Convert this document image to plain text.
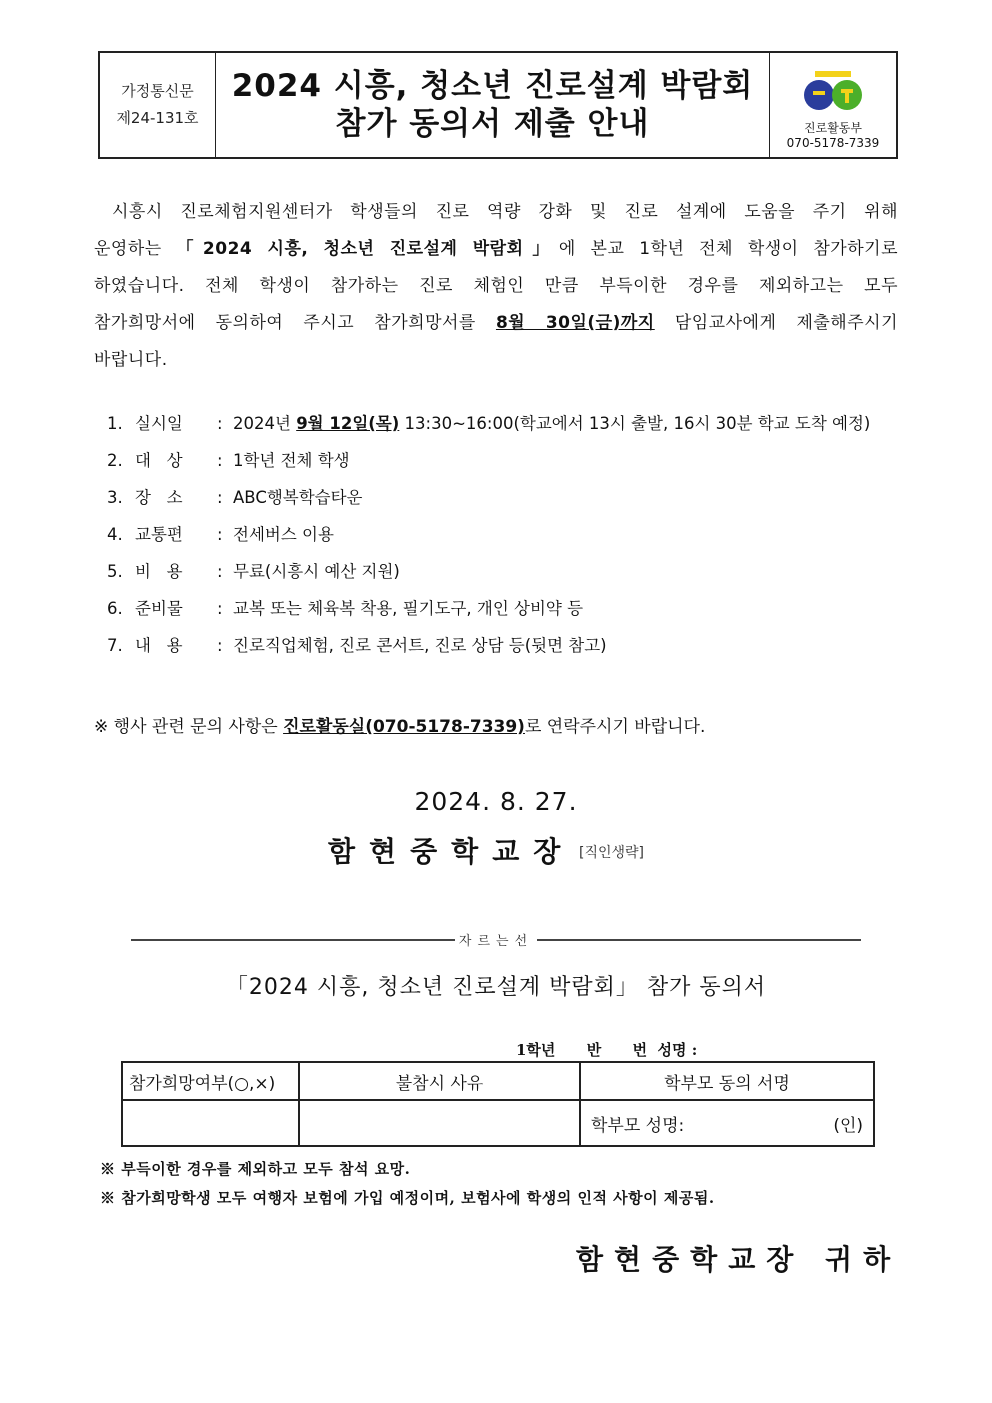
가정통신문
제24-131호
2024 시흥, 청소년 진로설계 박람회
참가 동의서 제출 안내	진로활동부
070-5178-7339
시흥시 진로체험지원센터가 학생들의 진로 역량 강화 및 진로 설계에 도움을 주기 위해
운영하는 「2024 시흥, 청소년 진로설계 박람회」에 본교 1학년 전체 학생이 참가하기로
하였습니다. 전체 학생이 참가하는 진로 체험인 만큼 부득이한 경우를 제외하고는 모두
참가희망서에 동의하여 주시고 참가희망서를 8월 30일(금)까지 담임교사에게 제출해주시기
바랍니다.
1. 실시일 : 2024년 9월 12일(목) 13:30~16:00(학교에서 13시 출발, 16시 30분 학교 도착 예정)
2. 대   상 : 1학년 전체 학생
3. 장   소 : ABC행복학습타운
4. 교통편 : 전세버스 이용
5. 비   용 : 무료(시흥시 예산 지원)
6. 준비물 : 교복 또는 체육복 착용, 필기도구, 개인 상비약 등
7. 내   용 : 진로직업체험, 진로 콘서트, 진로 상담 등(뒷면 참고)
※ 행사 관련 문의 사항은 진로활동실(070-5178-7339)로 연락주시기 바랍니다.
2024. 8. 27.
함현중학교장 [직인생략]
자르는선
「2024 시흥, 청소년 진로설계 박람회」 참가 동의서
1학년      반      번  성명 :
참가희망여부(○,×)	불참시 사유	학부모 동의 서명

		학부모 성명: (인)
※ 부득이한 경우를 제외하고 모두 참석 요망.
※ 참가희망학생 모두 여행자 보험에 가입 예정이며, 보험사에 학생의 인적 사항이 제공됨.
함현중학교장 귀하
